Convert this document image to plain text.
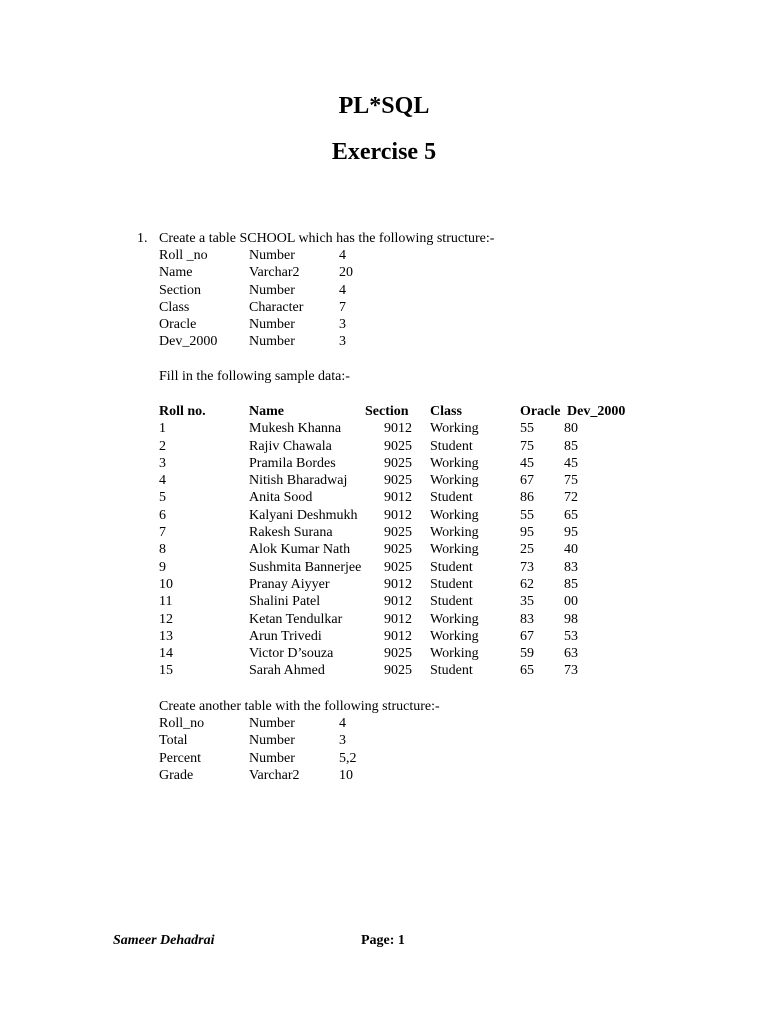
PL*SQL
Exercise 5
1. Create a table SCHOOL which has the following structure:-
Roll _no	Number	4
Name	Varchar2	20
Section	Number	4
Class	Character	7
Oracle	Number	3
Dev_2000 Number	3
Fill in the following sample data:-
Roll no.	Name	Section Class	Oracle Dev_2000
1	Mukesh Khanna	9012 Working	55 80
2	Rajiv Chawala	9025 Student	75 85
3	Pramila Bordes	9025 Working	45 45
4	Nitish Bharadwaj	9025 Working	67 75
5	Anita Sood	9012 Student	86 72
6	Kalyani Deshmukh	9012 Working	55 65
7	Rakesh Surana	9025 Working	95 95
8	Alok Kumar Nath	9025 Working	25 40
9	Sushmita Bannerjee	9025 Student	73 83
10	Pranay Aiyyer	9012 Student	62 85
11	Shalini Patel	9012 Student	35 00
12	Ketan Tendulkar	9012 Working	83 98
13	Arun Trivedi	9012 Working	67 53
14	Victor D’souza	9025 Working	59 63
15	Sarah Ahmed	9025 Student	65 73
Create another table with the following structure:-
Roll_no	Number	4
Total	Number	3
Percent	Number	5,2
Grade	Varchar2	10
Sameer Dehadrai	Page: 1
